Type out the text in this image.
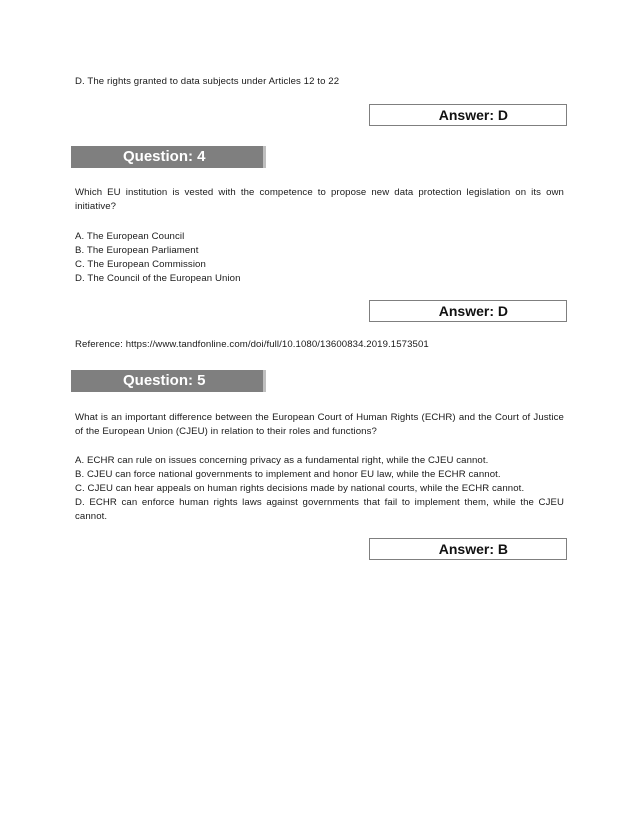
D. The rights granted to data subjects under Articles 12 to 22
Answer: D
Question: 4
Which EU institution is vested with the competence to propose new data protection legislation on its own initiative?
A. The European Council
B. The European Parliament
C. The European Commission
D. The Council of the European Union
Answer: D
Reference: https://www.tandfonline.com/doi/full/10.1080/13600834.2019.1573501
Question: 5
What is an important difference between the European Court of Human Rights (ECHR) and the Court of Justice of the European Union (CJEU) in relation to their roles and functions?
A. ECHR can rule on issues concerning privacy as a fundamental right, while the CJEU cannot.
B. CJEU can force national governments to implement and honor EU law, while the ECHR cannot.
C. CJEU can hear appeals on human rights decisions made by national courts, while the ECHR cannot.
D. ECHR can enforce human rights laws against governments that fail to implement them, while the CJEU cannot.
Answer: B
